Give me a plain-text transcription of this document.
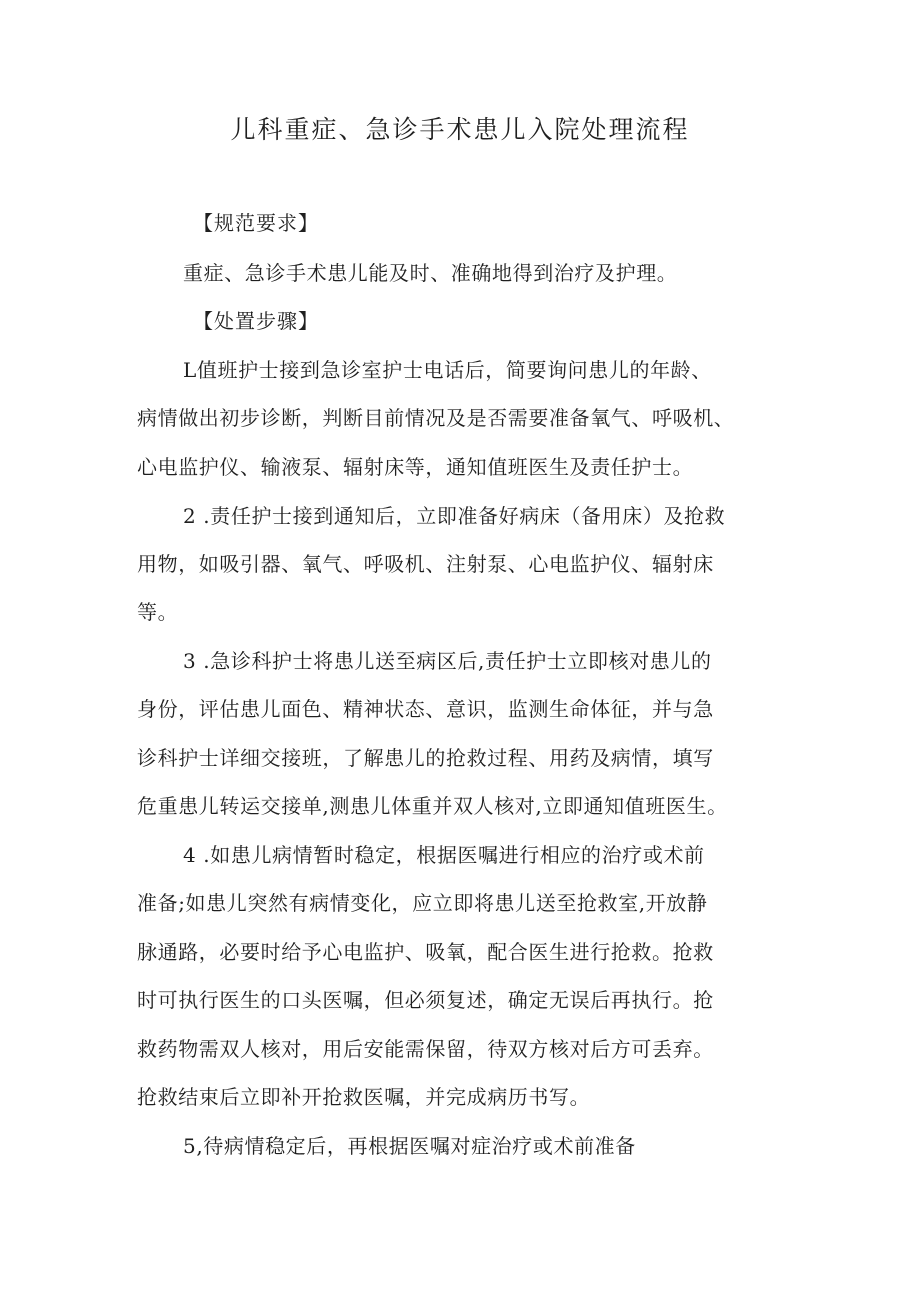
儿科重症、急诊手术患儿入院处理流程
【规范要求】
重症、急诊手术患儿能及时、准确地得到治疗及护理。
【处置步骤】
L值班护士接到急诊室护士电话后，简要询问患儿的年龄、
病情做出初步诊断，判断目前情况及是否需要准备氧气、呼吸机、
心电监护仪、输液泵、辐射床等，通知值班医生及责任护士。
2 .责任护士接到通知后，立即准备好病床（备用床）及抢救
用物，如吸引器、氧气、呼吸机、注射泵、心电监护仪、辐射床
等。
3 .急诊科护士将患儿送至病区后,责任护士立即核对患儿的
身份，评估患儿面色、精神状态、意识，监测生命体征，并与急
诊科护士详细交接班，了解患儿的抢救过程、用药及病情，填写
危重患儿转运交接单,测患儿体重并双人核对,立即通知值班医生。
4 .如患儿病情暂时稳定，根据医嘱进行相应的治疗或术前
准备;如患儿突然有病情变化，应立即将患儿送至抢救室,开放静
脉通路，必要时给予心电监护、吸氧，配合医生进行抢救。抢救
时可执行医生的口头医嘱，但必须复述，确定无误后再执行。抢
救药物需双人核对，用后安能需保留，待双方核对后方可丢弃。
抢救结束后立即补开抢救医嘱，并完成病历书写。
5,待病情稳定后，再根据医嘱对症治疗或术前准备
